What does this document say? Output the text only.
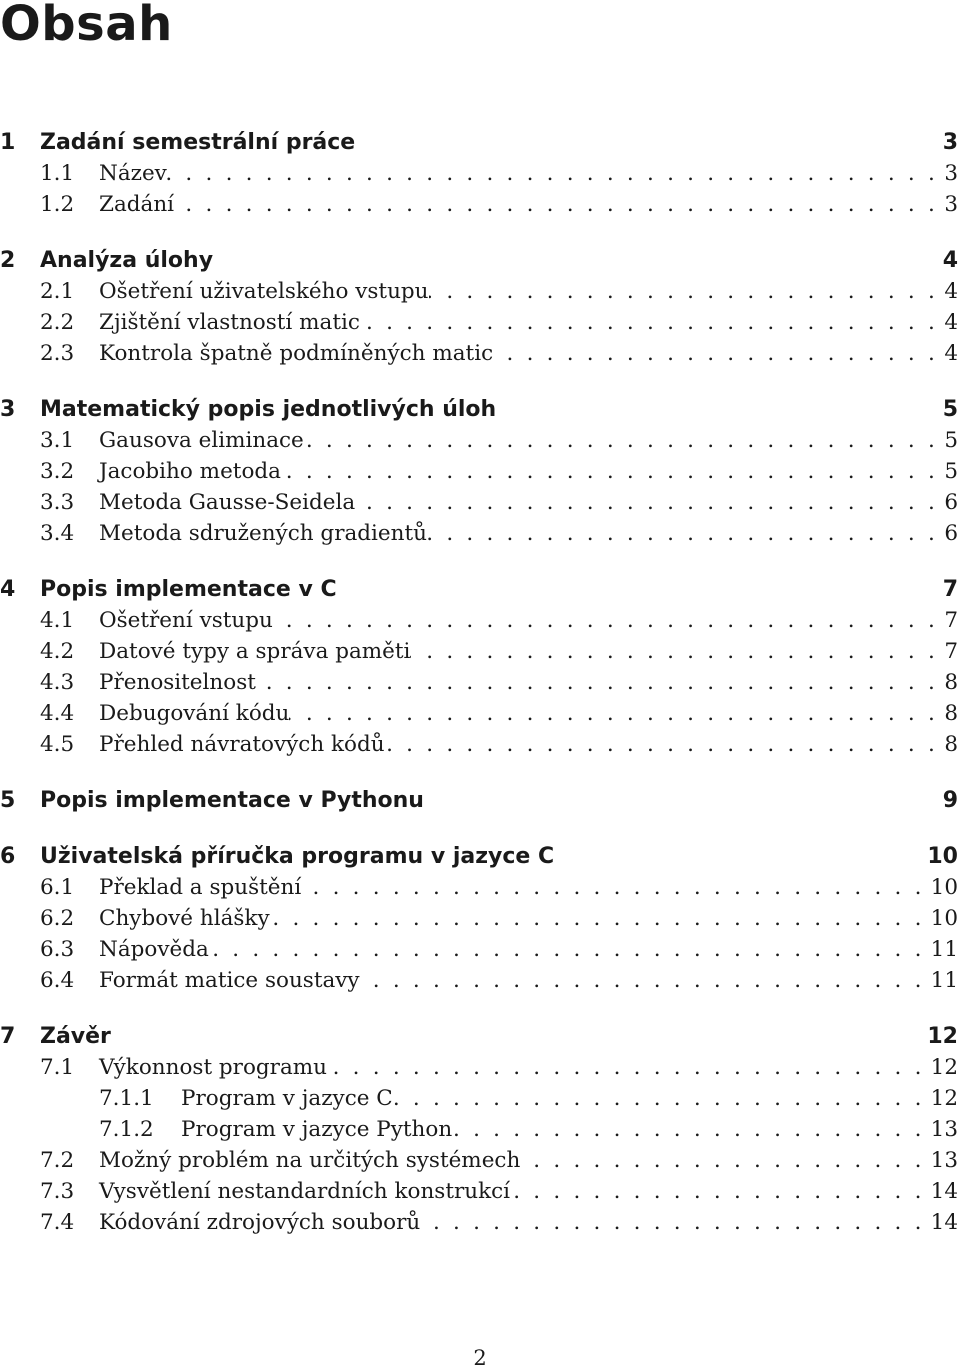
Obsah
1	Zadání semestrální práce	3
1.1	Název . . .	3
1.2	Zadání . . .	3
2	Analýza úlohy	4
2.1	Ošetření uživatelského vstupu . . .	4
2.2	Zjištění vlastností matic . . .	4
2.3	Kontrola špatně podmíněných matic . . .	4
3	Matematický popis jednotlivých úloh	5
3.1	Gausova eliminace . . .	5
3.2	Jacobiho metoda . . .	5
3.3	Metoda Gausse-Seidela . . .	6
3.4	Metoda sdružených gradientů . . .	6
4	Popis implementace v C	7
4.1	Ošetření vstupu . . .	7
4.2	Datové typy a správa paměti . . .	7
4.3	Přenositelnost . . .	8
4.4	Debugování kódu . . .	8
4.5	Přehled návratových kódů . . .	8
5	Popis implementace v Pythonu	9
6	Uživatelská příručka programu v jazyce C	10
6.1	Překlad a spuštění . . .	10
6.2	Chybové hlášky . . .	10
6.3	Nápověda . . .	11
6.4	Formát matice soustavy . . .	11
7	Závěr	12
7.1	Výkonnost programu . . .	12
7.1.1	Program v jazyce C . . .	12
7.1.2	Program v jazyce Python . . .	13
7.2	Možný problém na určitých systémech . . .	13
7.3	Vysvětlení nestandardních konstrukcí . . .	14
7.4	Kódování zdrojových souborů . . .	14
2
